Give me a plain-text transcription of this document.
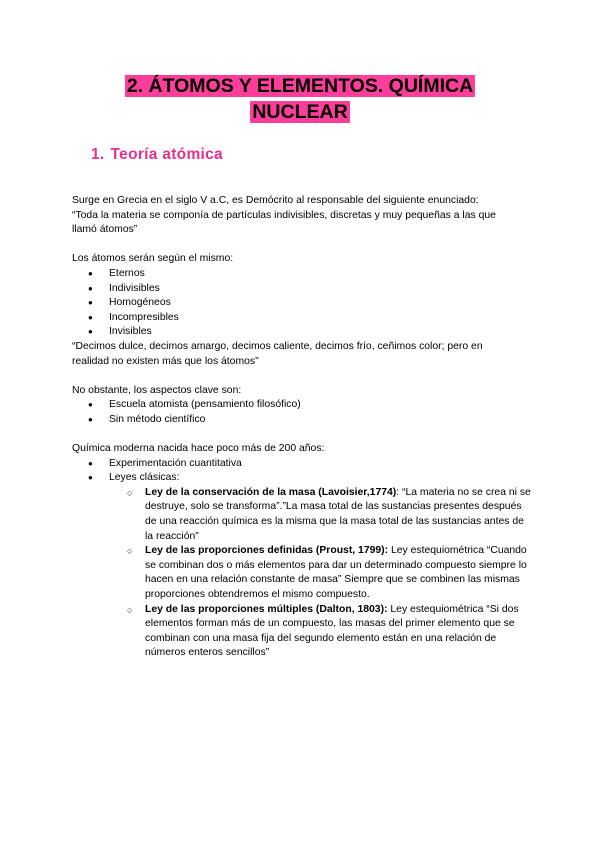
2. ÁTOMOS Y ELEMENTOS. QUÍMICA
NUCLEAR
1. Teoría atómica

Surge en Grecia en el siglo V a.C, es Demócrito al responsable del siguiente enunciado:

“Toda la materia se componía de partículas indivisibles, discretas y muy pequeñas a las que

llamó átomos”

Los átomos serán según el mismo:

● Eternos
● Indivisibles
● Homogéneos
● Incompresibles
● Invisibles

“Decimos dulce, decimos amargo, decimos caliente, decimos frío, ceñimos color; pero en

realidad no existen más que los átomos”

No obstante, los aspectos clave son:

● Escuela atomista (pensamiento filosófico)
● Sin método científico

Química moderna nacida hace poco más de 200 años:

● Experimentación cuantitativa
● Leyes clásicas:
○ Ley de la conservación de la masa (Lavoisier,1774): “La materia no se crea ni se destruye, solo se transforma”.”La masa total de las sustancias presentes después de una reacción química es la misma que la masa total de las sustancias antes de la reacción”
○ Ley de las proporciones definidas (Proust, 1799): Ley estequiométrica “Cuando se combinan dos o más elementos para dar un determinado compuesto siempre lo hacen en una relación constante de masa” Siempre que se combinen las mismas proporciones obtendremos el mismo compuesto.
○ Ley de las proporciones múltiples (Dalton, 1803): Ley estequiométrica “Si dos elementos forman más de un compuesto, las masas del primer elemento que se combinan con una masa fija del segundo elemento están en una relación de números enteros sencillos”
